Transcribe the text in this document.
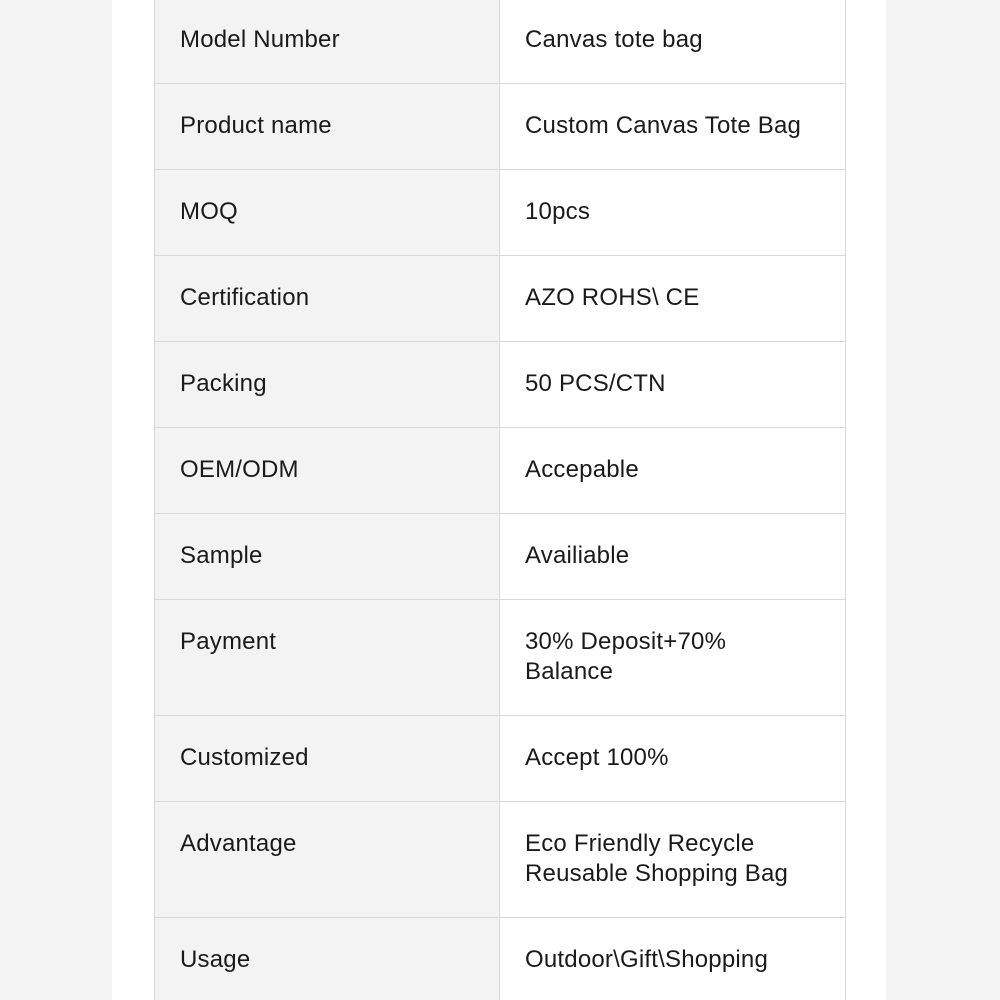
Model Number	Canvas tote bag
Product name	Custom Canvas Tote Bag
MOQ	10pcs
Certification	AZO ROHS\ CE
Packing	50 PCS/CTN
OEM/ODM	Accepable
Sample	Availiable
Payment	30% Deposit+70% Balance
Customized	Accept 100%
Advantage	Eco Friendly Recycle Reusable Shopping Bag
Usage	Outdoor\Gift\Shopping
